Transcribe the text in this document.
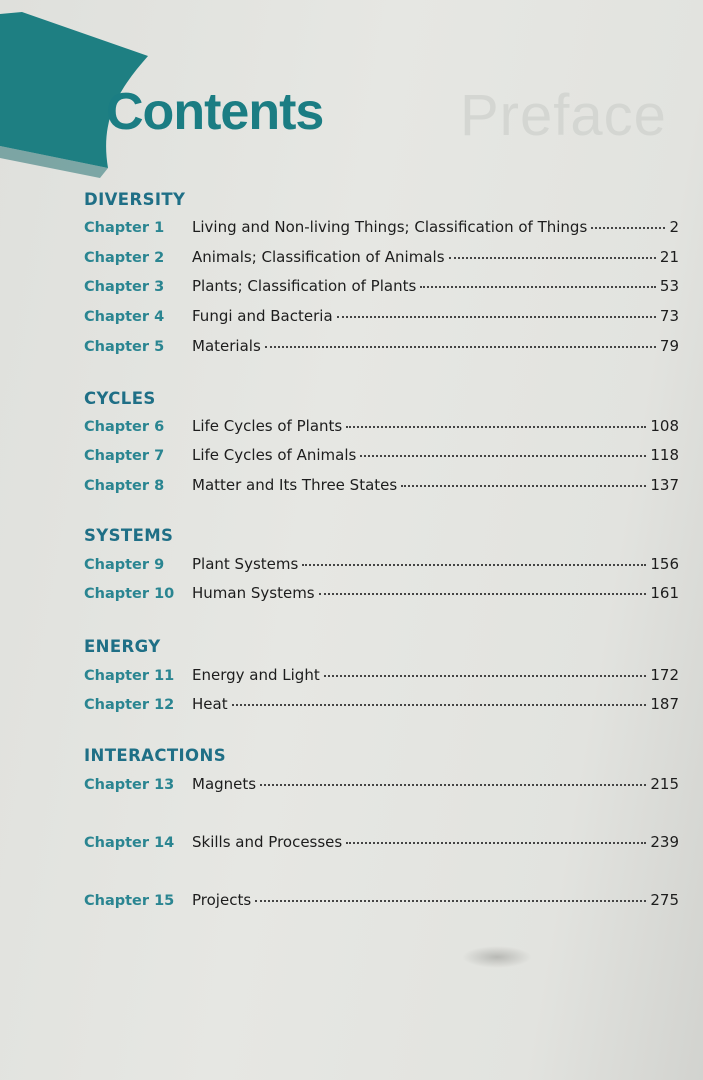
Preface
Contents
DIVERSITY
Chapter 1 Living and Non-living Things; Classification of Things	2
Chapter 2 Animals; Classification of Animals	21
Chapter 3 Plants; Classification of Plants	53
Chapter 4 Fungi and Bacteria	73
Chapter 5 Materials	79
CYCLES
Chapter 6 Life Cycles of Plants	108
Chapter 7 Life Cycles of Animals	118
Chapter 8 Matter and Its Three States	137
SYSTEMS
Chapter 9 Plant Systems	156
Chapter 10 Human Systems	161
ENERGY
Chapter 11 Energy and Light	172
Chapter 12 Heat	187
INTERACTIONS
Chapter 13 Magnets	215
Chapter 14 Skills and Processes	239
Chapter 15 Projects	275
